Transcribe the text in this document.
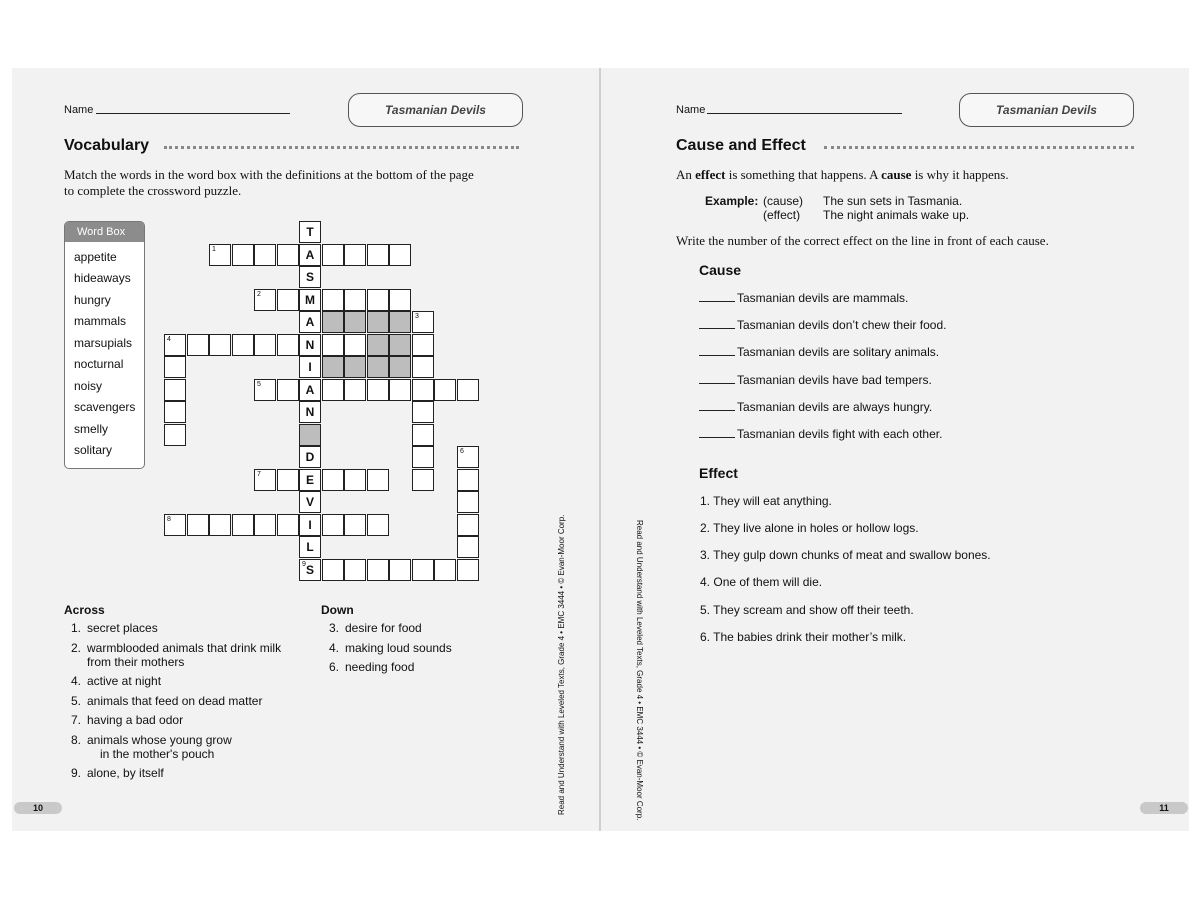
Name	Tasmanian Devils
Vocabulary
Match the words in the word box with the definitions at the bottom of the page
to complete the crossword puzzle.
Word Box
appetite
hideaways
hungry
mammals
marsupials
nocturnal
noisy
scavengers
smelly
solitary
T
A
S
M
A
N
I
A
N
D
E
V
I
L
S
9
1
2
4
5
7
8
3
6
Across	Down
1. secret places
2. warmblooded animals that drink milk
from their mothers
4. active at night
5. animals that feed on dead matter
7. having a bad odor
8. animals whose young grow
in the mother's pouch
9. alone, by itself
3. desire for food
4. making loud sounds
6. needing food
10	Read and Understand with Leveled Texts, Grade 4 • EMC 3444 • © Evan-Moor Corp.
Name	Tasmanian Devils
Cause and Effect
An effect is something that happens. A cause is why it happens.
Example: (cause) The sun sets in Tasmania.
(effect) The night animals wake up.
Write the number of the correct effect on the line in front of each cause.
Cause
Tasmanian devils are mammals.
Tasmanian devils don’t chew their food.
Tasmanian devils are solitary animals.
Tasmanian devils have bad tempers.
Tasmanian devils are always hungry.
Tasmanian devils fight with each other.
Effect
1. They will eat anything.
2. They live alone in holes or hollow logs.
3. They gulp down chunks of meat and swallow bones.
4. One of them will die.
5. They scream and show off their teeth.
6. The babies drink their mother’s milk.
11
Read and Understand with Leveled Texts, Grade 4 • EMC 3444 • © Evan-Moor Corp.
